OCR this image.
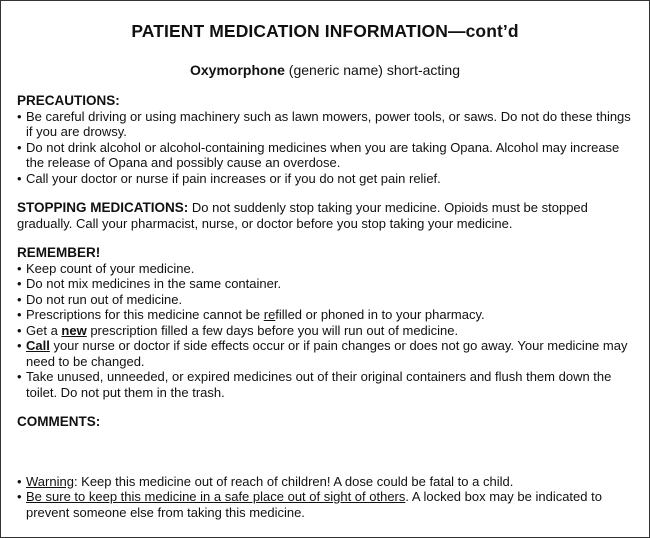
PATIENT MEDICATION INFORMATION—cont’d
Oxymorphone (generic name) short-acting
PRECAUTIONS:
• Be careful driving or using machinery such as lawn mowers, power tools, or saws. Do not do these things if you are drowsy.
• Do not drink alcohol or alcohol-containing medicines when you are taking Opana. Alcohol may increase the release of Opana and possibly cause an overdose.
• Call your doctor or nurse if pain increases or if you do not get pain relief.
STOPPING MEDICATIONS: Do not suddenly stop taking your medicine. Opioids must be stopped gradually. Call your pharmacist, nurse, or doctor before you stop taking your medicine.
REMEMBER!
• Keep count of your medicine.
• Do not mix medicines in the same container.
• Do not run out of medicine.
• Prescriptions for this medicine cannot be refilled or phoned in to your pharmacy.
• Get a new prescription filled a few days before you will run out of medicine.
• Call your nurse or doctor if side effects occur or if pain changes or does not go away. Your medicine may need to be changed.
• Take unused, unneeded, or expired medicines out of their original containers and flush them down the toilet. Do not put them in the trash.
COMMENTS:
• Warning: Keep this medicine out of reach of children! A dose could be fatal to a child.
• Be sure to keep this medicine in a safe place out of sight of others. A locked box may be indicated to prevent someone else from taking this medicine.
